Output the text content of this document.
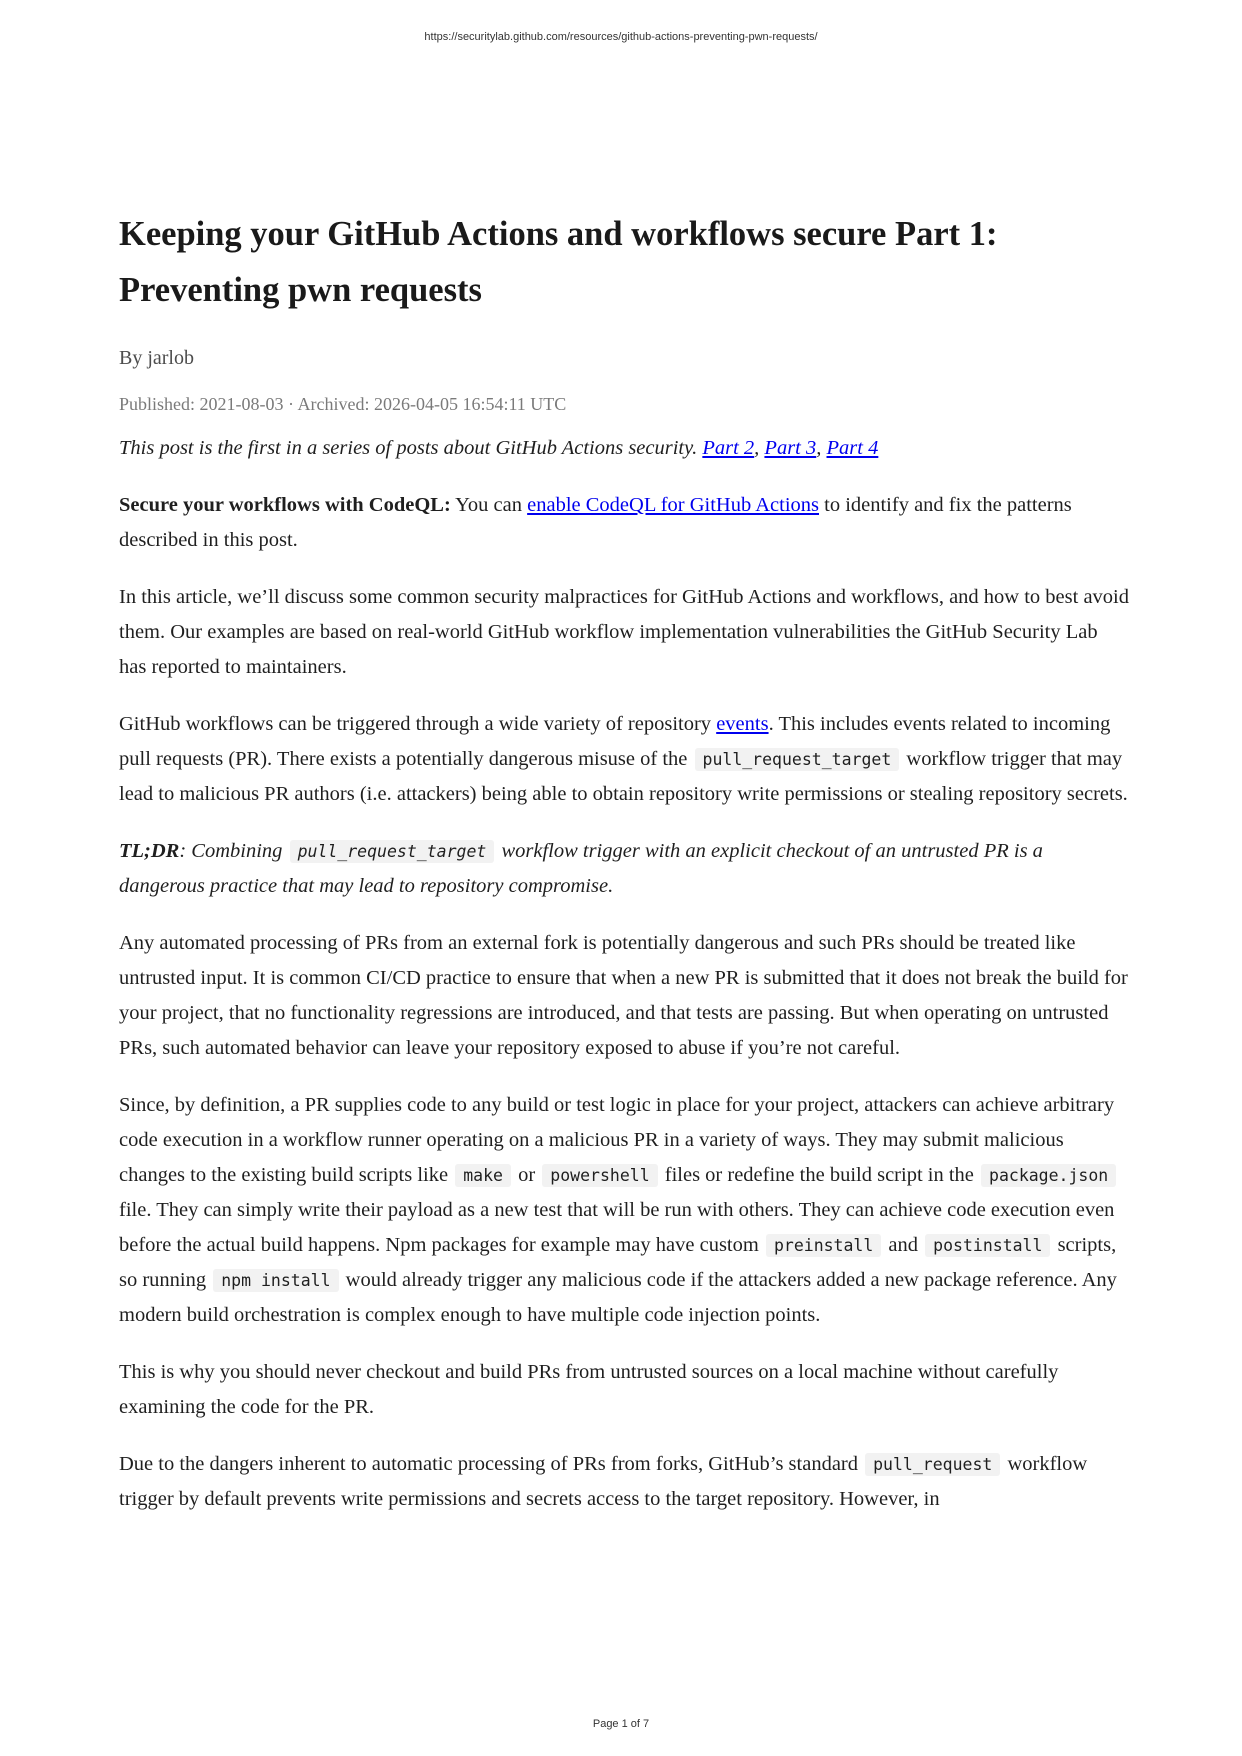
https://securitylab.github.com/resources/github-actions-preventing-pwn-requests/
Keeping your GitHub Actions and workflows secure Part 1: Preventing pwn requests
By jarlob
Published: 2021-08-03 · Archived: 2026-04-05 16:54:11 UTC

This post is the first in a series of posts about GitHub Actions security. Part 2, Part 3, Part 4

Secure your workflows with CodeQL: You can enable CodeQL for GitHub Actions to identify and fix the patterns described in this post.

In this article, we’ll discuss some common security malpractices for GitHub Actions and workflows, and how to best avoid them. Our examples are based on real-world GitHub workflow implementation vulnerabilities the GitHub Security Lab has reported to maintainers.

GitHub workflows can be triggered through a wide variety of repository events. This includes events related to incoming pull requests (PR). There exists a potentially dangerous misuse of the pull_request_target workflow trigger that may lead to malicious PR authors (i.e. attackers) being able to obtain repository write permissions or stealing repository secrets.

TL;DR: Combining pull_request_target workflow trigger with an explicit checkout of an untrusted PR is a dangerous practice that may lead to repository compromise.

Any automated processing of PRs from an external fork is potentially dangerous and such PRs should be treated like untrusted input. It is common CI/CD practice to ensure that when a new PR is submitted that it does not break the build for your project, that no functionality regressions are introduced, and that tests are passing. But when operating on untrusted PRs, such automated behavior can leave your repository exposed to abuse if you’re not careful.

Since, by definition, a PR supplies code to any build or test logic in place for your project, attackers can achieve arbitrary code execution in a workflow runner operating on a malicious PR in a variety of ways. They may submit malicious changes to the existing build scripts like make or powershell files or redefine the build script in the package.json file. They can simply write their payload as a new test that will be run with others. They can achieve code execution even before the actual build happens. Npm packages for example may have custom preinstall and postinstall scripts, so running npm install would already trigger any malicious code if the attackers added a new package reference. Any modern build orchestration is complex enough to have multiple code injection points.

This is why you should never checkout and build PRs from untrusted sources on a local machine without carefully examining the code for the PR.

Due to the dangers inherent to automatic processing of PRs from forks, GitHub’s standard pull_request workflow trigger by default prevents write permissions and secrets access to the target repository. However, in

Page 1 of 7
